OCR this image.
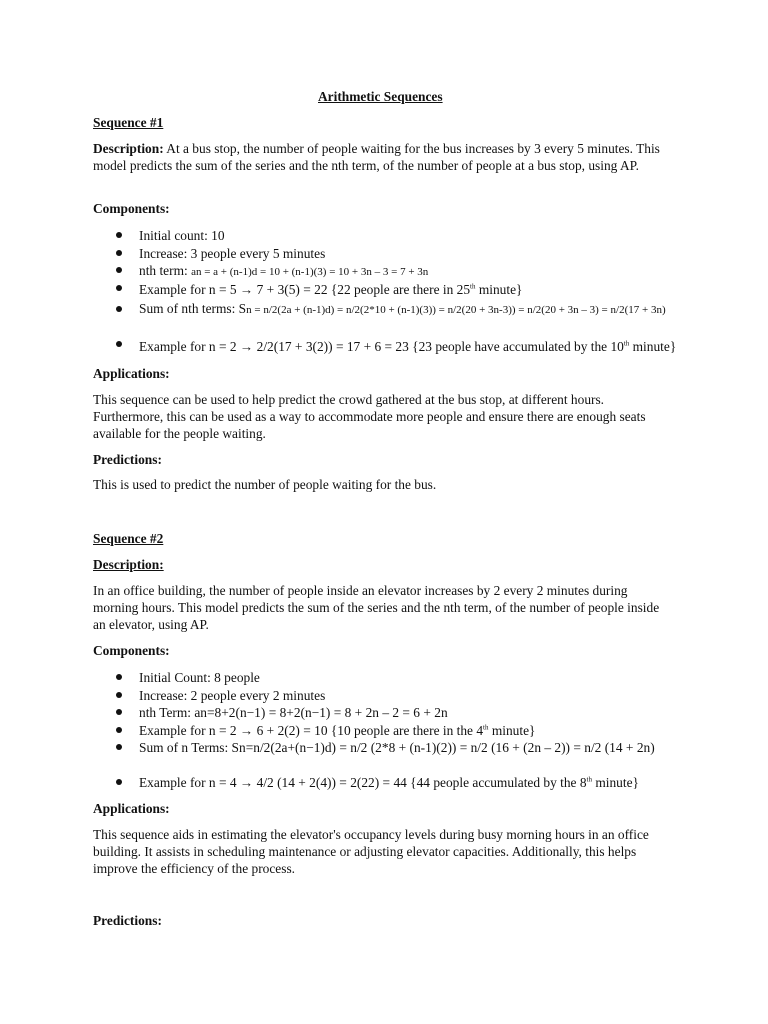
Arithmetic Sequences
Sequence #1
Description: At a bus stop, the number of people waiting for the bus increases by 3 every 5 minutes. This model predicts the sum of the series and the nth term, of the number of people at a bus stop, using AP.
Components:
Initial count: 10
Increase: 3 people every 5 minutes
nth term: an = a + (n-1)d = 10 + (n-1)(3) = 10 + 3n – 3 = 7 + 3n
Example for n = 5 → 7 + 3(5) = 22 {22 people are there in 25th minute}
Sum of nth terms: Sn = n/2(2a + (n-1)d) = n/2(2*10 + (n-1)(3)) = n/2(20 + 3n-3)) = n/2(20 + 3n – 3) = n/2(17 + 3n)
Example for n = 2 → 2/2(17 + 3(2)) = 17 + 6 = 23 {23 people have accumulated by the 10th minute}
Applications:
This sequence can be used to help predict the crowd gathered at the bus stop, at different hours. Furthermore, this can be used as a way to accommodate more people and ensure there are enough seats available for the people waiting.
Predictions:
This is used to predict the number of people waiting for the bus.
Sequence #2
Description:
In an office building, the number of people inside an elevator increases by 2 every 2 minutes during morning hours. This model predicts the sum of the series and the nth term, of the number of people inside an elevator, using AP.
Components:
Initial Count: 8 people
Increase: 2 people every 2 minutes
nth Term: an=8+2(n−1) = 8+2(n−1) = 8 + 2n – 2 = 6 + 2n
Example for n = 2 → 6 + 2(2) = 10 {10 people are there in the 4th minute}
Sum of n Terms: Sn=n/2(2a+(n−1)d) = n/2 (2*8 + (n-1)(2)) = n/2 (16 + (2n – 2)) = n/2 (14 + 2n)
Example for n = 4 → 4/2 (14 + 2(4)) = 2(22) = 44 {44 people accumulated by the 8th minute}
Applications:
This sequence aids in estimating the elevator's occupancy levels during busy morning hours in an office building. It assists in scheduling maintenance or adjusting elevator capacities. Additionally, this helps improve the efficiency of the process.
Predictions:
